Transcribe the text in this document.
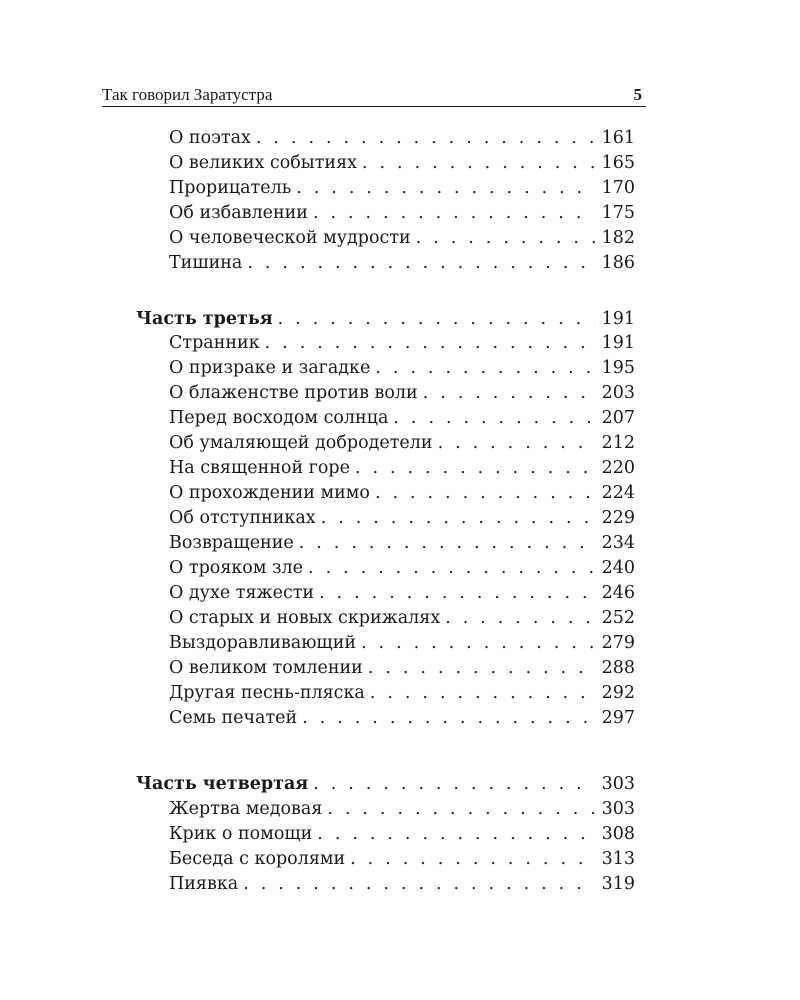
Так говорил Заратустра	5
О поэтах . . .	161
О великих событиях . . .	165
Прорицатель . . .	170
Об избавлении . . .	175
О человеческой мудрости . . .	182
Тишина . . .	186
Часть третья . . .	191
Странник . . .	191
О призраке и загадке . . .	195
О блаженстве против воли . . .	203
Перед восходом солнца . . .	207
Об умаляющей добродетели . . .	212
На священной горе . . .	220
О прохождении мимо . . .	224
Об отступниках . . .	229
Возвращение . . .	234
О трояком зле . . .	240
О духе тяжести . . .	246
О старых и новых скрижалях . . .	252
Выздоравливающий . . .	279
О великом томлении . . .	288
Другая песнь-пляска . . .	292
Семь печатей . . .	297
Часть четвертая . . .	303
Жертва медовая . . .	303
Крик о помощи . . .	308
Беседа с королями . . .	313
Пиявка . . .	319
